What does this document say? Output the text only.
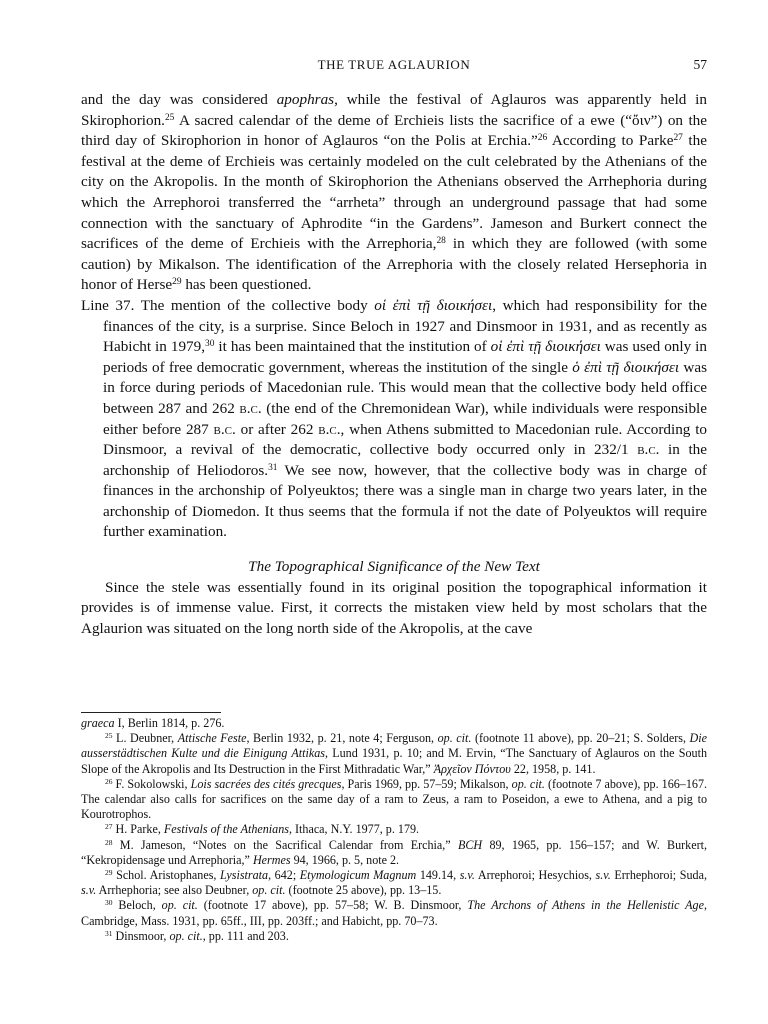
THE TRUE AGLAURION	57

and the day was considered apophras, while the festival of Aglauros was apparently held in Skirophorion.$^{25}$ A sacred calendar of the deme of Erchieis lists the sacrifice of a ewe (“ὄιν”) on the third day of Skirophorion in honor of Aglauros “on the Polis at Erchia.”$^{26}$ According to Parke$^{27}$ the festival at the deme of Erchieis was certainly modeled on the cult celebrated by the Athenians of the city on the Akropolis. In the month of Skirophorion the Athenians observed the Arrhephoria during which the Arrephoroi transferred the “arrheta” through an underground passage that had some connection with the sanctuary of Aphrodite “in the Gardens”. Jameson and Burkert connect the sacrifices of the deme of Erchieis with the Arrephoria,$^{28}$ in which they are followed (with some caution) by Mikalson. The identification of the Arrephoria with the closely related Hersephoria in honor of Herse$^{29}$ has been questioned.

Line 37. The mention of the collective body οἱ ἐπὶ τῇ διοικήσει, which had responsibility for the finances of the city, is a surprise. Since Beloch in 1927 and Dinsmoor in 1931, and as recently as Habicht in 1979,30 it has been maintained that the institution of οἱ ἐπὶ τῇ διοικήσει was used only in periods of free democratic government, whereas the institution of the single ὁ ἐπὶ τῇ διοικήσει was in force during periods of Macedonian rule. This would mean that the collective body held office between 287 and 262 b.c. (the end of the Chremonidean War), while individuals were responsible either before 287 b.c. or after 262 b.c., when Athens submitted to Macedonian rule. According to Dinsmoor, a revival of the democratic, collective body occurred only in 232/1 b.c. in the archonship of Heliodoros.$^{31}$ We see now, however, that the collective body was in charge of finances in the archonship of Polyeuktos; there was a single man in charge two years later, in the archonship of Diomedon. It thus seems that the formula if not the date of Polyeuktos will require further examination.

The Topographical Significance of the New Text

Since the stele was essentially found in its original position the topographical information it provides is of immense value. First, it corrects the mistaken view held by most scholars that the Aglaurion was situated on the long north side of the Akropolis, at the cave

graeca I, Berlin 1814, p. 276.

$^{25}$ L. Deubner, Attische Feste, Berlin 1932, p. 21, note 4; Ferguson, op. cit. (footnote 11 above), pp. 20–21; S. Solders, Die ausserstädtischen Kulte und die Einigung Attikas, Lund 1931, p. 10; and M. Ervin, “The Sanctuary of Aglauros on the South Slope of the Akropolis and Its Destruction in the First Mithradatic War,” Ἀρχεῖον Πόντου 22, 1958, p. 141.

$^{26}$ F. Sokolowski, Lois sacrées des cités grecques, Paris 1969, pp. 57–59; Mikalson, op. cit. (footnote 7 above), pp. 166–167. The calendar also calls for sacrifices on the same day of a ram to Zeus, a ram to Poseidon, a ewe to Athena, and a pig to Kourotrophos.

$^{27}$ H. Parke, Festivals of the Athenians, Ithaca, N.Y. 1977, p. 179.

$^{28}$ M. Jameson, “Notes on the Sacrifical Calendar from Erchia,” BCH 89, 1965, pp. 156–157; and W. Burkert, “Kekropidensage und Arrephoria,” Hermes 94, 1966, p. 5, note 2.

$^{29}$ Schol. Aristophanes, Lysistrata, 642; Etymologicum Magnum 149.14, s.v. Arrephoroi; Hesychios, s.v. Errhephoroi; Suda, s.v. Arrhephoria; see also Deubner, op. cit. (footnote 25 above), pp. 13–15.

$^{30}$ Beloch, op. cit. (footnote 17 above), pp. 57–58; W. B. Dinsmoor, The Archons of Athens in the Hellenistic Age, Cambridge, Mass. 1931, pp. 65ff., III, pp. 203ff.; and Habicht, pp. 70–73.

$^{31}$ Dinsmoor, op. cit., pp. 111 and 203.
